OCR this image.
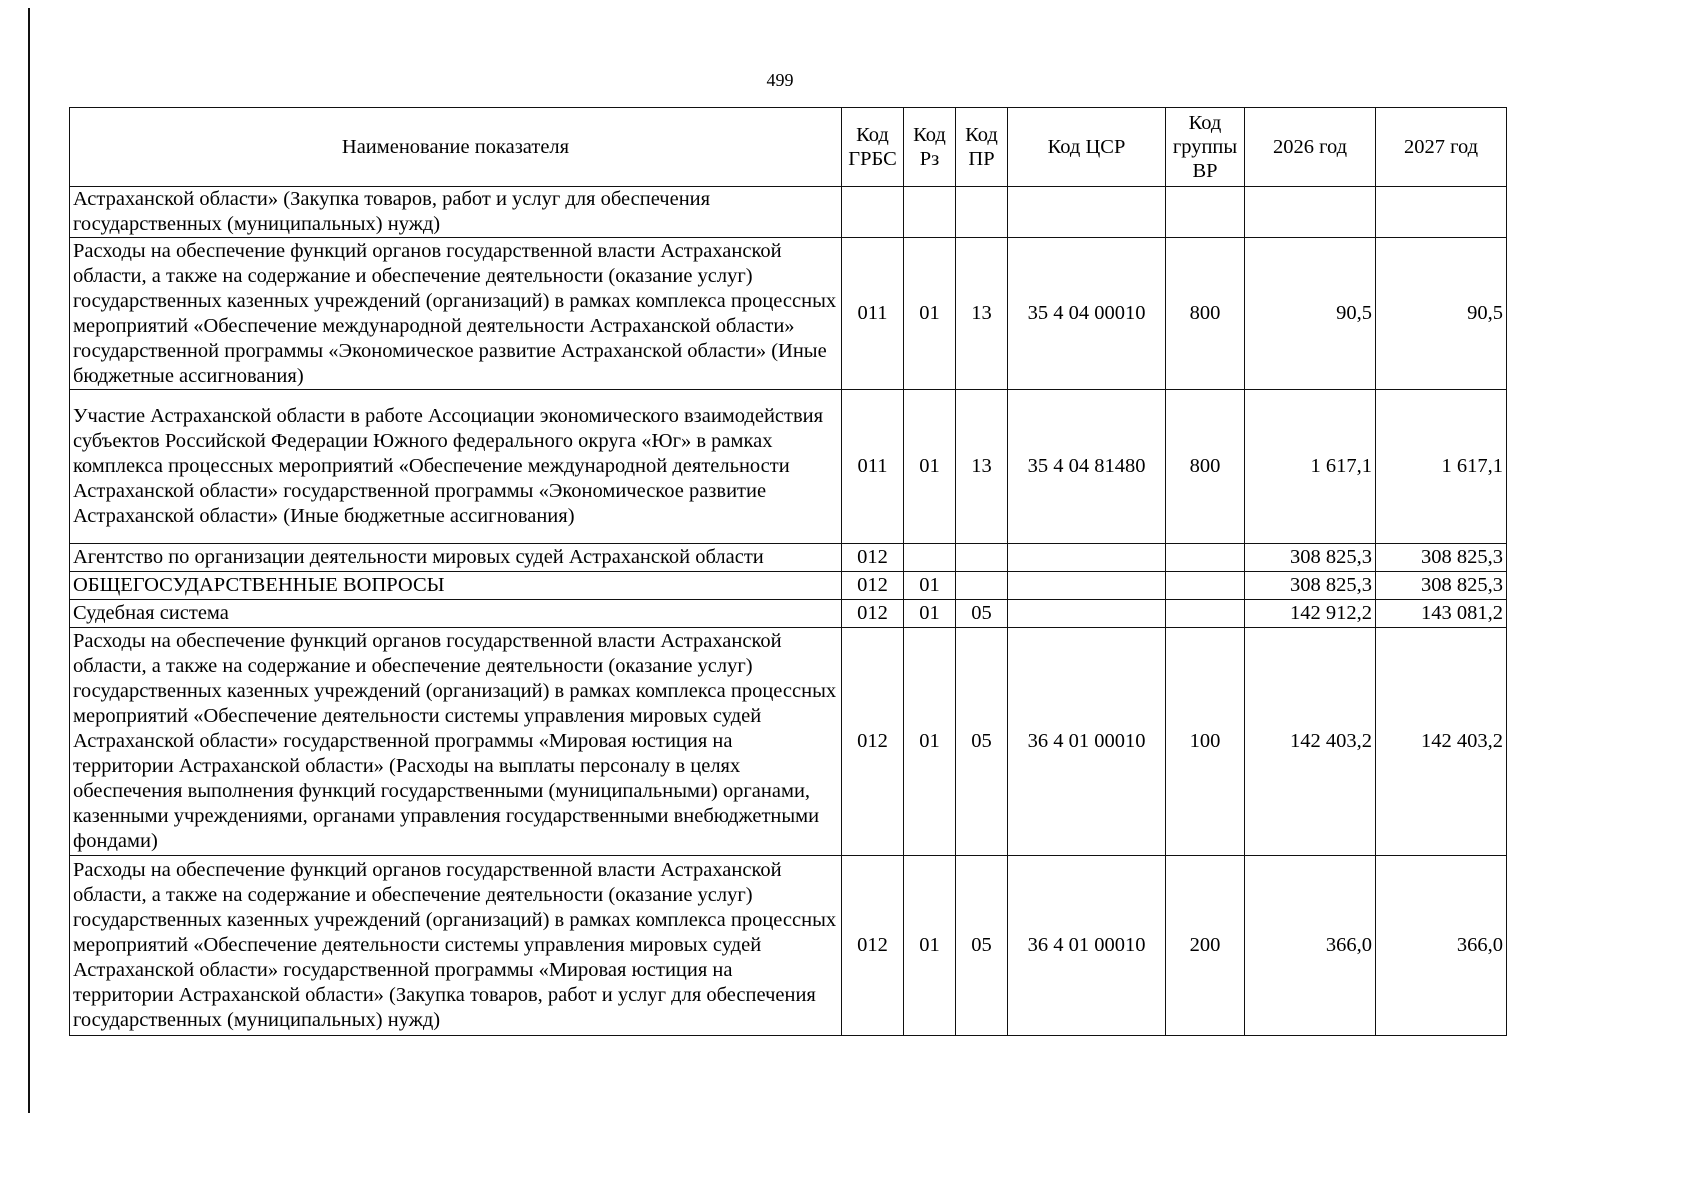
499
Наименование показателя	Код ГРБС	Код Рз	Код ПР	Код ЦСР	Код группы ВР	2026 год	2027 год
Астраханской области» (Закупка товаров, работ и услуг для обеспечения государственных (муниципальных) нужд)							
Расходы на обеспечение функций органов государственной власти Астраханской области, а также на содержание и обеспечение деятельности (оказание услуг) государственных казенных учреждений (организаций) в рамках комплекса процессных мероприятий «Обеспечение международной деятельности Астраханской области» государственной программы «Экономическое развитие Астраханской области» (Иные бюджетные ассигнования)	011	01	13	35 4 04 00010	800	90,5	90,5
Участие Астраханской области в работе Ассоциации экономического взаимодействия субъектов Российской Федерации Южного федерального округа «Юг» в рамках комплекса процессных мероприятий «Обеспечение международной деятельности Астраханской области» государственной программы «Экономическое развитие Астраханской области» (Иные бюджетные ассигнования)	011	01	13	35 4 04 81480	800	1 617,1	1 617,1
Агентство по организации деятельности мировых судей Астраханской области	012					308 825,3	308 825,3
ОБЩЕГОСУДАРСТВЕННЫЕ ВОПРОСЫ	012	01				308 825,3	308 825,3
Судебная система	012	01	05			142 912,2	143 081,2
Расходы на обеспечение функций органов государственной власти Астраханской области, а также на содержание и обеспечение деятельности (оказание услуг) государственных казенных учреждений (организаций) в рамках комплекса процессных мероприятий «Обеспечение деятельности системы управления мировых судей Астраханской области» государственной программы «Мировая юстиция на территории Астраханской области» (Расходы на выплаты персоналу в целях обеспечения выполнения функций государственными (муниципальными) органами, казенными учреждениями, органами управления государственными внебюджетными фондами)	012	01	05	36 4 01 00010	100	142 403,2	142 403,2
Расходы на обеспечение функций органов государственной власти Астраханской области, а также на содержание и обеспечение деятельности (оказание услуг) государственных казенных учреждений (организаций) в рамках комплекса процессных мероприятий «Обеспечение деятельности системы управления мировых судей Астраханской области» государственной программы «Мировая юстиция на территории Астраханской области» (Закупка товаров, работ и услуг для обеспечения государственных (муниципальных) нужд)	012	01	05	36 4 01 00010	200	366,0	366,0
